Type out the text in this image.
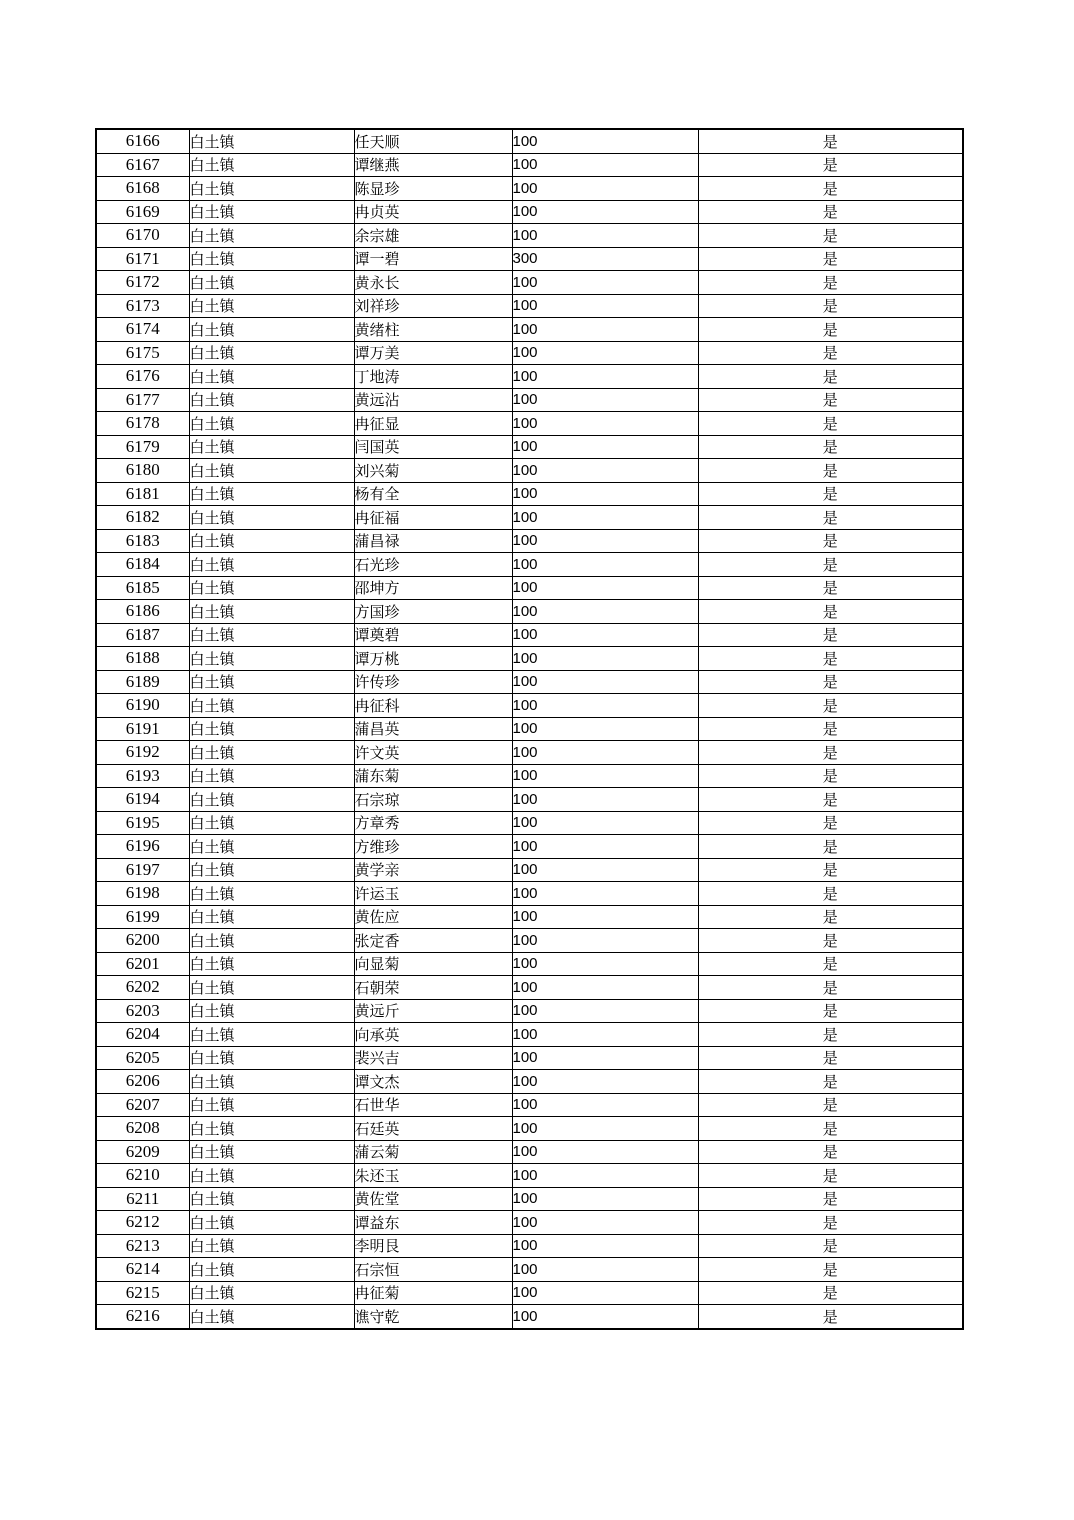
6166	白土镇	任天顺	100	是
6167	白土镇	谭继燕	100	是
6168	白土镇	陈显珍	100	是
6169	白土镇	冉贞英	100	是
6170	白土镇	余宗雄	100	是
6171	白土镇	谭一碧	300	是
6172	白土镇	黄永长	100	是
6173	白土镇	刘祥珍	100	是
6174	白土镇	黄绪柱	100	是
6175	白土镇	谭万美	100	是
6176	白土镇	丁地涛	100	是
6177	白土镇	黄远沾	100	是
6178	白土镇	冉征显	100	是
6179	白土镇	闫国英	100	是
6180	白土镇	刘兴菊	100	是
6181	白土镇	杨有全	100	是
6182	白土镇	冉征福	100	是
6183	白土镇	蒲昌禄	100	是
6184	白土镇	石光珍	100	是
6185	白土镇	邵坤方	100	是
6186	白土镇	方国珍	100	是
6187	白土镇	谭奠碧	100	是
6188	白土镇	谭万桃	100	是
6189	白土镇	许传珍	100	是
6190	白土镇	冉征科	100	是
6191	白土镇	蒲昌英	100	是
6192	白土镇	许文英	100	是
6193	白土镇	蒲东菊	100	是
6194	白土镇	石宗琼	100	是
6195	白土镇	方章秀	100	是
6196	白土镇	方维珍	100	是
6197	白土镇	黄学亲	100	是
6198	白土镇	许运玉	100	是
6199	白土镇	黄佐应	100	是
6200	白土镇	张定香	100	是
6201	白土镇	向显菊	100	是
6202	白土镇	石朝荣	100	是
6203	白土镇	黄远斤	100	是
6204	白土镇	向承英	100	是
6205	白土镇	裴兴吉	100	是
6206	白土镇	谭文杰	100	是
6207	白土镇	石世华	100	是
6208	白土镇	石廷英	100	是
6209	白土镇	蒲云菊	100	是
6210	白土镇	朱还玉	100	是
6211	白土镇	黄佐堂	100	是
6212	白土镇	谭益东	100	是
6213	白土镇	李明艮	100	是
6214	白土镇	石宗恒	100	是
6215	白土镇	冉征菊	100	是
6216	白土镇	谯守乾	100	是
